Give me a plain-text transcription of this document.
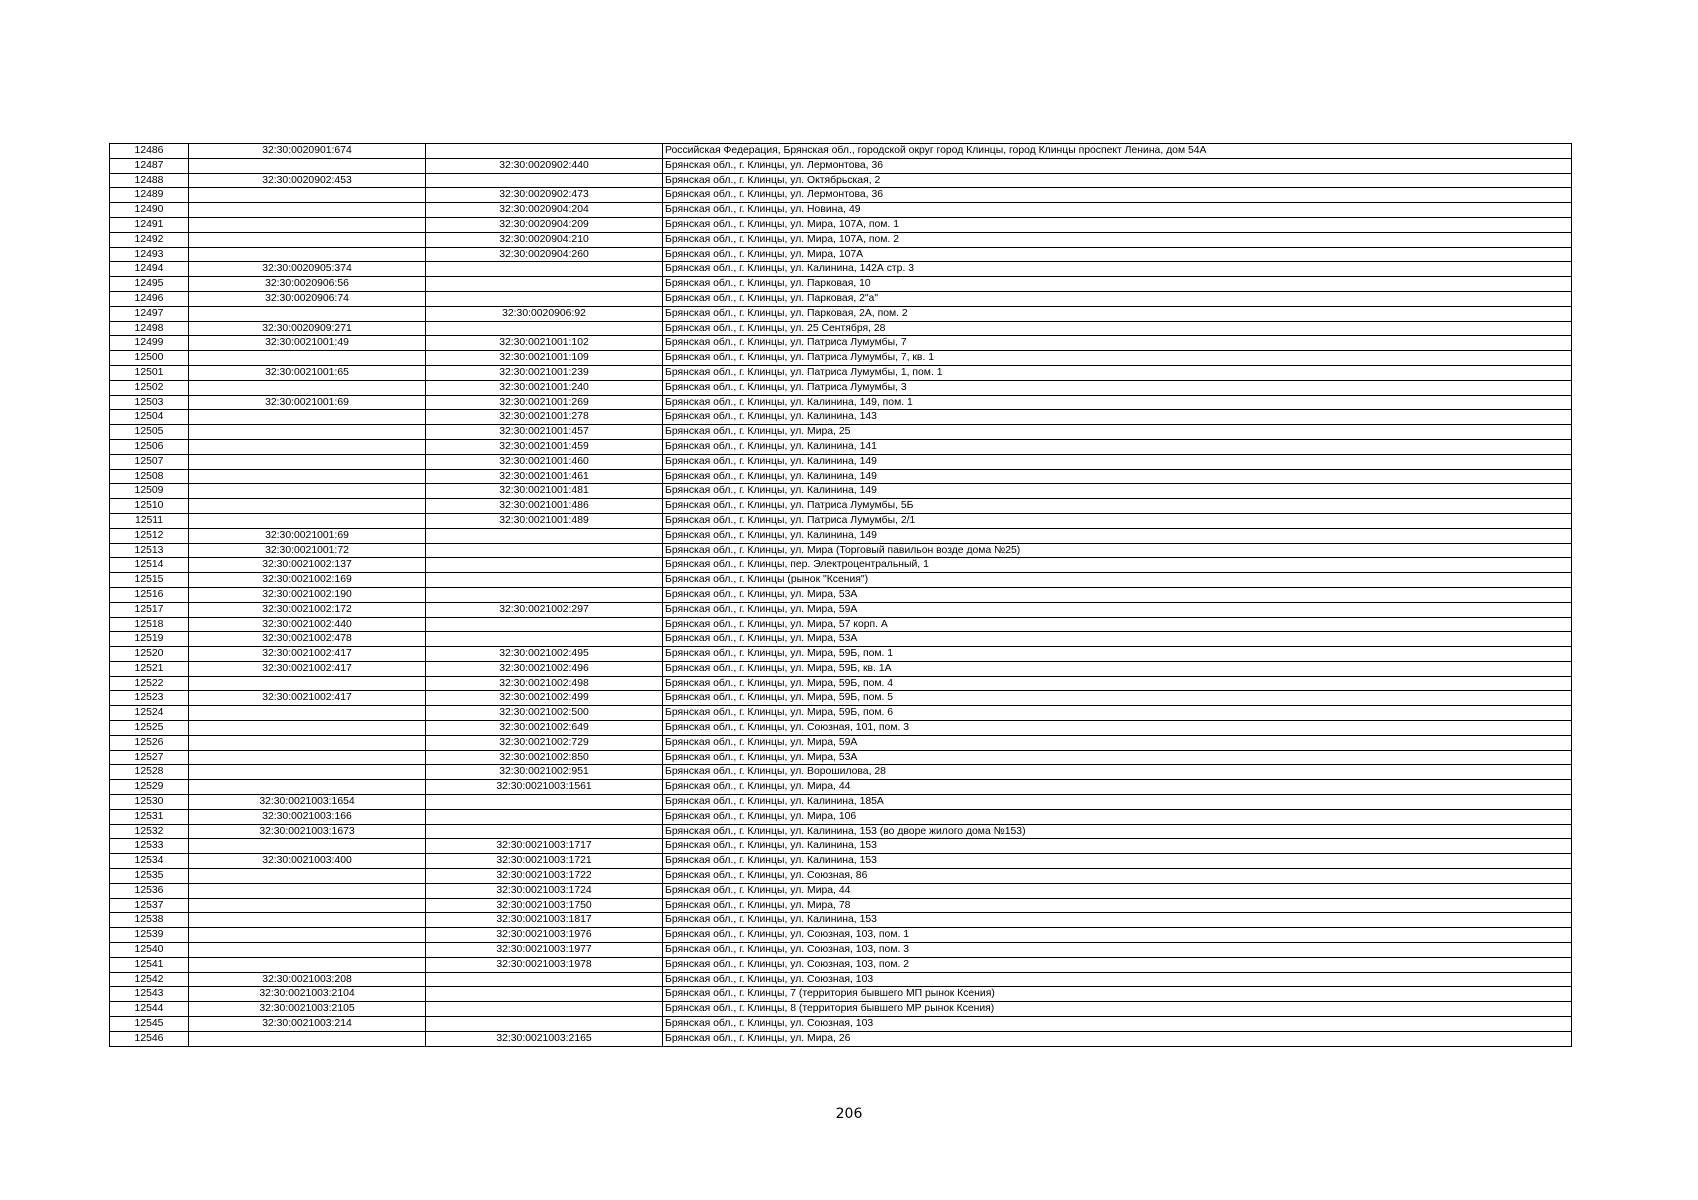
12486	32:30:0020901:674		Российская Федерация, Брянская обл., городской округ город Клинцы, город Клинцы проспект Ленина, дом 54А
12487		32:30:0020902:440	Брянская обл., г. Клинцы, ул. Лермонтова, 36
12488	32:30:0020902:453		Брянская обл., г. Клинцы, ул. Октябрьская, 2
12489		32:30:0020902:473	Брянская обл., г. Клинцы, ул. Лермонтова, 36
12490		32:30:0020904:204	Брянская обл., г. Клинцы, ул. Новина, 49
12491		32:30:0020904:209	Брянская обл., г. Клинцы, ул. Мира, 107А, пом. 1
12492		32:30:0020904:210	Брянская обл., г. Клинцы, ул. Мира, 107А, пом. 2
12493		32:30:0020904:260	Брянская обл., г. Клинцы, ул. Мира, 107А
12494	32:30:0020905:374		Брянская обл., г. Клинцы, ул. Калинина, 142А стр. 3
12495	32:30:0020906:56		Брянская обл., г. Клинцы, ул. Парковая, 10
12496	32:30:0020906:74		Брянская обл., г. Клинцы, ул. Парковая, 2"а"
12497		32:30:0020906:92	Брянская обл., г. Клинцы, ул. Парковая, 2А, пом. 2
12498	32:30:0020909:271		Брянская обл., г. Клинцы, ул. 25 Сентября, 28
12499	32:30:0021001:49	32:30:0021001:102	Брянская обл., г. Клинцы, ул. Патриса Лумумбы, 7
12500		32:30:0021001:109	Брянская обл., г. Клинцы, ул. Патриса Лумумбы, 7, кв. 1
12501	32:30:0021001:65	32:30:0021001:239	Брянская обл., г. Клинцы, ул. Патриса Лумумбы, 1, пом. 1
12502		32:30:0021001:240	Брянская обл., г. Клинцы, ул. Патриса Лумумбы, 3
12503	32:30:0021001:69	32:30:0021001:269	Брянская обл., г. Клинцы, ул. Калинина, 149, пом. 1
12504		32:30:0021001:278	Брянская обл., г. Клинцы, ул. Калинина, 143
12505		32:30:0021001:457	Брянская обл., г. Клинцы, ул. Мира, 25
12506		32:30:0021001:459	Брянская обл., г. Клинцы, ул. Калинина, 141
12507		32:30:0021001:460	Брянская обл., г. Клинцы, ул. Калинина, 149
12508		32:30:0021001:461	Брянская обл., г. Клинцы, ул. Калинина, 149
12509		32:30:0021001:481	Брянская обл., г. Клинцы, ул. Калинина, 149
12510		32:30:0021001:486	Брянская обл., г. Клинцы, ул. Патриса Лумумбы, 5Б
12511		32:30:0021001:489	Брянская обл., г. Клинцы, ул. Патриса Лумумбы, 2/1
12512	32:30:0021001:69		Брянская обл., г. Клинцы, ул. Калинина, 149
12513	32:30:0021001:72		Брянская обл., г. Клинцы, ул. Мира (Торговый павильон возде дома №25)
12514	32:30:0021002:137		Брянская обл., г. Клинцы, пер. Электроцентральный, 1
12515	32:30:0021002:169		Брянская обл., г. Клинцы (рынок "Ксения")
12516	32:30:0021002:190		Брянская обл., г. Клинцы, ул. Мира, 53А
12517	32:30:0021002:172	32:30:0021002:297	Брянская обл., г. Клинцы, ул. Мира, 59А
12518	32:30:0021002:440		Брянская обл., г. Клинцы, ул. Мира, 57 корп. А
12519	32:30:0021002:478		Брянская обл., г. Клинцы, ул. Мира, 53А
12520	32:30:0021002:417	32:30:0021002:495	Брянская обл., г. Клинцы, ул. Мира, 59Б, пом. 1
12521	32:30:0021002:417	32:30:0021002:496	Брянская обл., г. Клинцы, ул. Мира, 59Б, кв. 1А
12522		32:30:0021002:498	Брянская обл., г. Клинцы, ул. Мира, 59Б, пом. 4
12523	32:30:0021002:417	32:30:0021002:499	Брянская обл., г. Клинцы, ул. Мира, 59Б, пом. 5
12524		32:30:0021002:500	Брянская обл., г. Клинцы, ул. Мира, 59Б, пом. 6
12525		32:30:0021002:649	Брянская обл., г. Клинцы, ул. Союзная, 101, пом. 3
12526		32:30:0021002:729	Брянская обл., г. Клинцы, ул. Мира, 59А
12527		32:30:0021002:850	Брянская обл., г. Клинцы, ул. Мира, 53А
12528		32:30:0021002:951	Брянская обл., г. Клинцы, ул. Ворошилова, 28
12529		32:30:0021003:1561	Брянская обл., г. Клинцы, ул. Мира, 44
12530	32:30:0021003:1654		Брянская обл., г. Клинцы, ул. Калинина, 185А
12531	32:30:0021003:166		Брянская обл., г. Клинцы, ул. Мира, 106
12532	32:30:0021003:1673		Брянская обл., г. Клинцы, ул. Калинина, 153 (во дворе жилого дома №153)
12533		32:30:0021003:1717	Брянская обл., г. Клинцы, ул. Калинина, 153
12534	32:30:0021003:400	32:30:0021003:1721	Брянская обл., г. Клинцы, ул. Калинина, 153
12535		32:30:0021003:1722	Брянская обл., г. Клинцы, ул. Союзная, 86
12536		32:30:0021003:1724	Брянская обл., г. Клинцы, ул. Мира, 44
12537		32:30:0021003:1750	Брянская обл., г. Клинцы, ул. Мира, 78
12538		32:30:0021003:1817	Брянская обл., г. Клинцы, ул. Калинина, 153
12539		32:30:0021003:1976	Брянская обл., г. Клинцы, ул. Союзная, 103, пом. 1
12540		32:30:0021003:1977	Брянская обл., г. Клинцы, ул. Союзная, 103, пом. 3
12541		32:30:0021003:1978	Брянская обл., г. Клинцы, ул. Союзная, 103, пом. 2
12542	32:30:0021003:208		Брянская обл., г. Клинцы, ул. Союзная, 103
12543	32:30:0021003:2104		Брянская обл., г. Клинцы, 7 (территория бывшего МП рынок Ксения)
12544	32:30:0021003:2105		Брянская обл., г. Клинцы, 8 (территория бывшего МР рынок Ксения)
12545	32:30:0021003:214		Брянская обл., г. Клинцы, ул. Союзная, 103
12546		32:30:0021003:2165	Брянская обл., г. Клинцы, ул. Мира, 26
206
